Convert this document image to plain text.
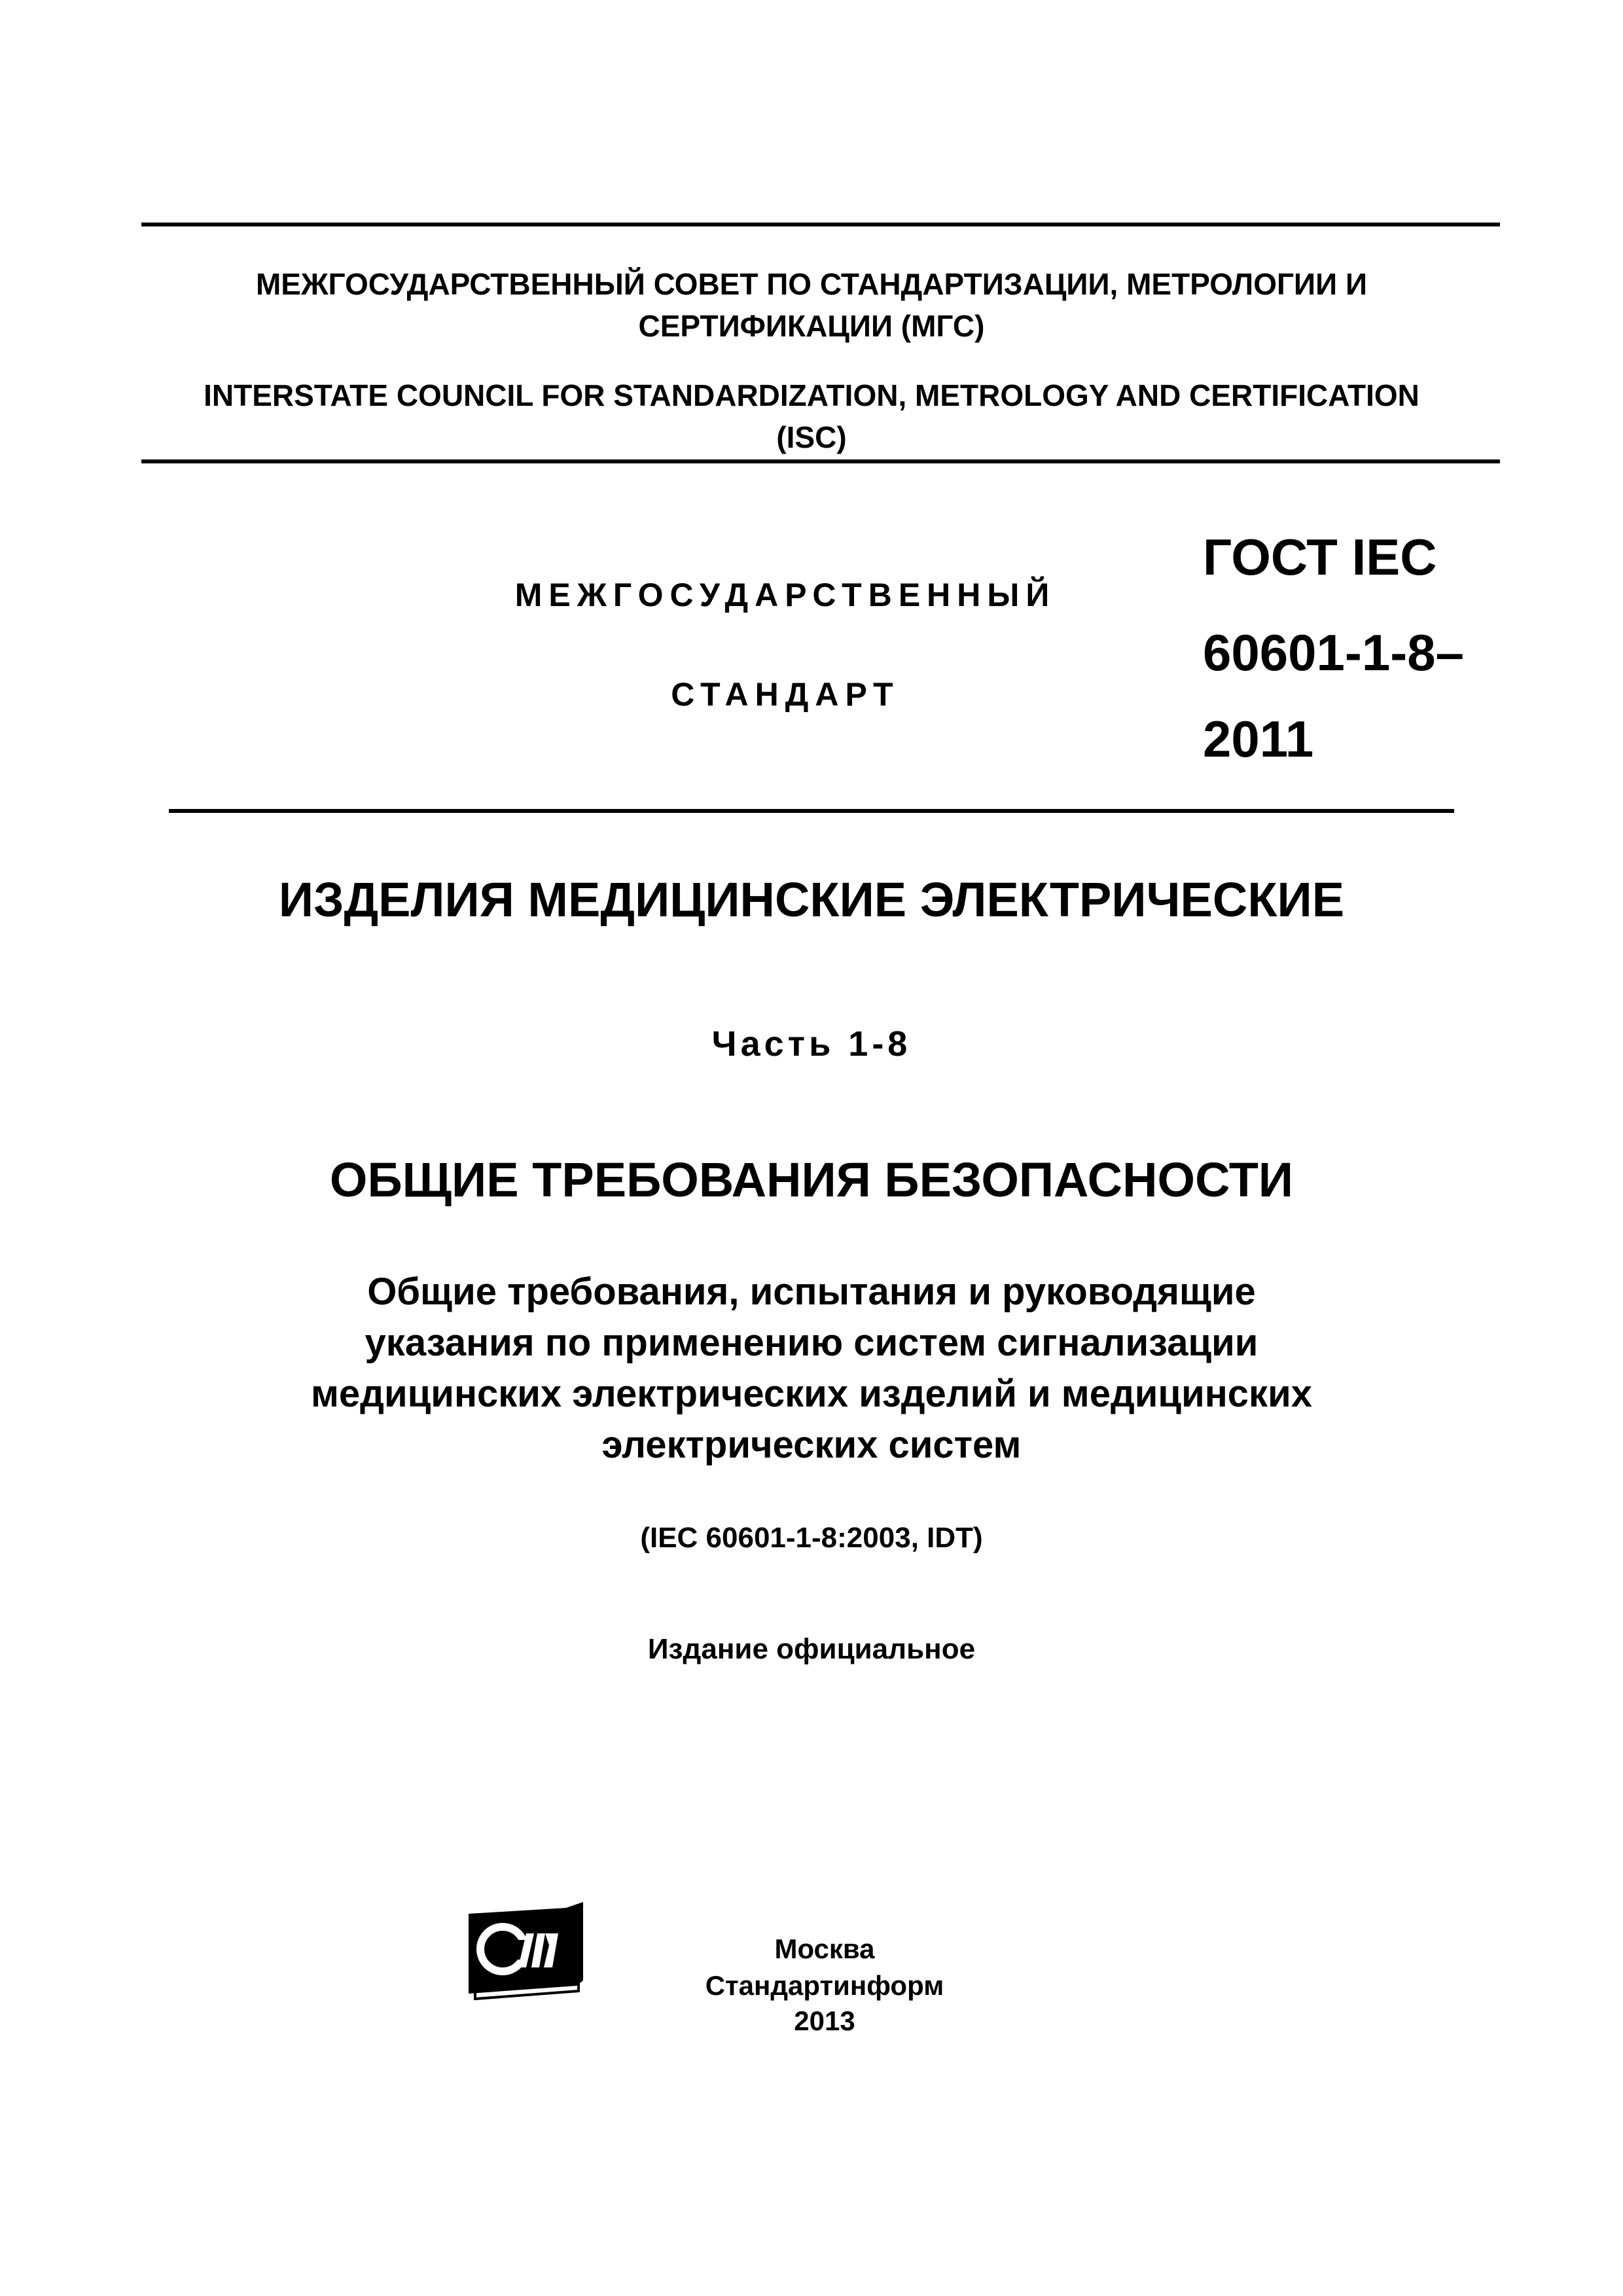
МЕЖГОСУДАРСТВЕННЫЙ СОВЕТ ПО СТАНДАРТИЗАЦИИ, МЕТРОЛОГИИ И
СЕРТИФИКАЦИИ (МГС)
INTERSTATE COUNCIL FOR STANDARDIZATION, METROLOGY AND CERTIFICATION
(ISC)
МЕЖГОСУДАРСТВЕННЫЙ
СТАНДАРТ
ГОСТ IEC
60601-1-8–
2011
ИЗДЕЛИЯ МЕДИЦИНСКИЕ ЭЛЕКТРИЧЕСКИЕ
Часть 1-8
ОБЩИЕ ТРЕБОВАНИЯ БЕЗОПАСНОСТИ
Общие требования, испытания и руководящие
указания по применению систем сигнализации
медицинских электрических изделий и медицинских
электрических систем
(IEC 60601-1-8:2003, IDT)
Издание официальное
Москва
Стандартинформ
2013
